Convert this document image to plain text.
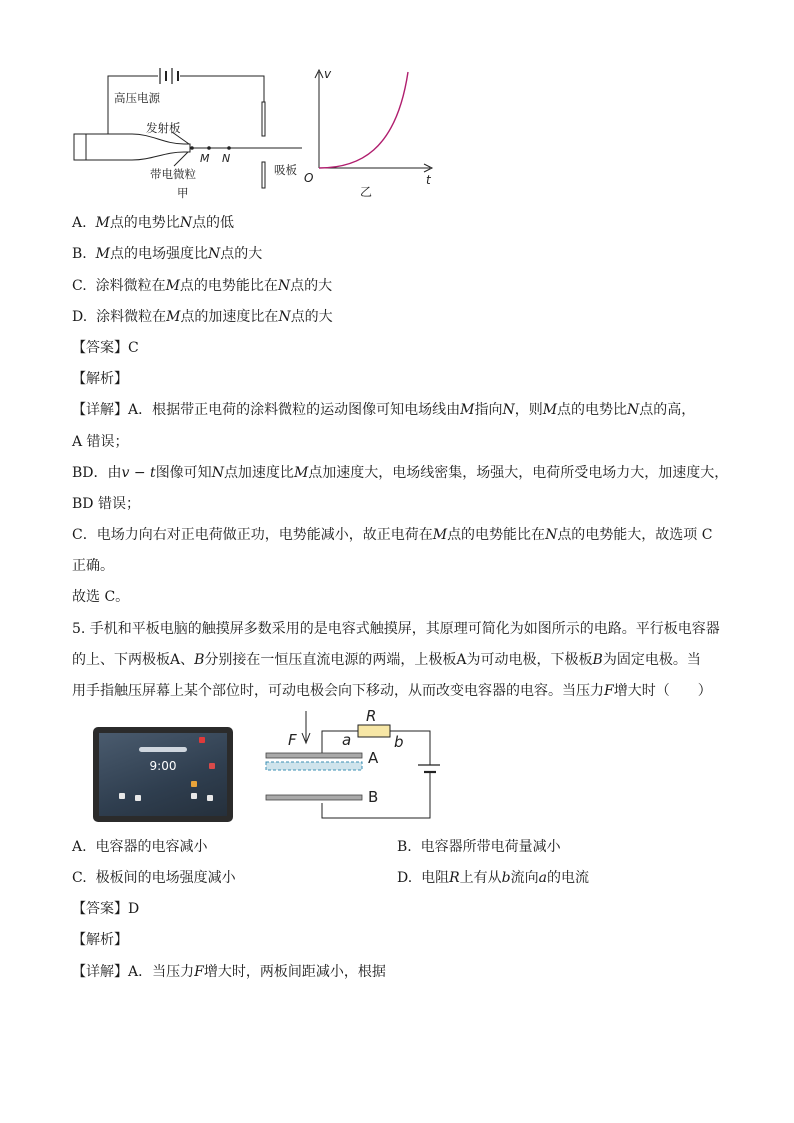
高压电源
发射板
M N
带电微粒	吸板
甲
v
t
O
乙
A. M点的电势比N点的低
B. M点的电场强度比N点的大
C. 涂料微粒在M点的电势能比在N点的大
D. 涂料微粒在M点的加速度比在N点的大
【答案】C
【解析】
【详解】A．根据带正电荷的涂料微粒的运动图像可知电场线由M指向N，则M点的电势比N点的高，
A 错误；
BD．由v − t图像可知N点加速度比M点加速度大，电场线密集，场强大，电荷所受电场力大，加速度大，
BD 错误；
C．电场力向右对正电荷做正功，电势能减小，故正电荷在M点的电势能比在N点的电势能大，故选项 C
正确。
故选 C。
5. 手机和平板电脑的触摸屏多数采用的是电容式触摸屏，其原理可简化为如图所示的电路。平行板电容器
的上、下两极板A、B分别接在一恒压直流电源的两端，上极板A为可动电极，下极板B为固定电极。当
用手指触压屏幕上某个部位时，可动电极会向下移动，从而改变电容器的电容。当压力F增大时（　　）
9:00
F
R
a	b
A
B
A. 电容器的电容减小	B. 电容器所带电荷量减小
C. 极板间的电场强度减小	D. 电阻R上有从b流向a的电流
【答案】D
【解析】
【详解】A．当压力F增大时，两板间距减小，根据
